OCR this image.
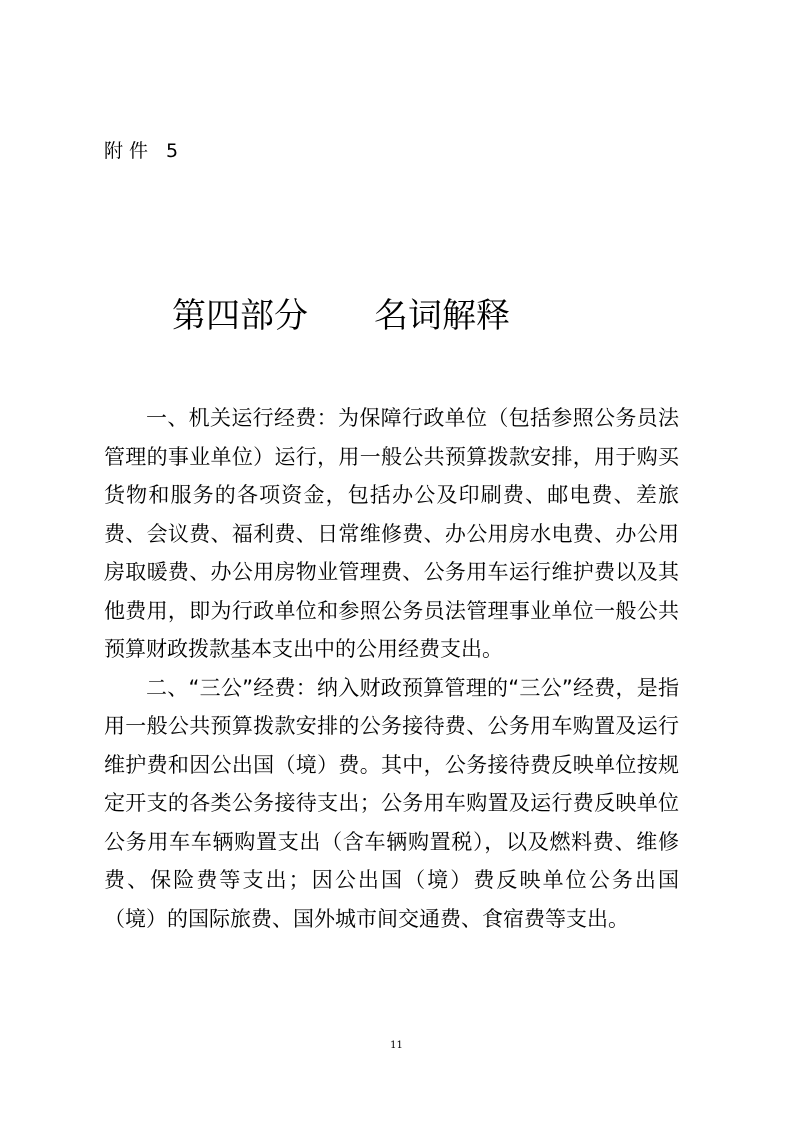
附件 5
第四部分 名词解释

一、机关运行经费：为保障行政单位（包括参照公务员法管理的事业单位）运行，用一般公共预算拨款安排，用于购买货物和服务的各项资金，包括办公及印刷费、邮电费、差旅费、会议费、福利费、日常维修费、办公用房水电费、办公用房取暖费、办公用房物业管理费、公务用车运行维护费以及其他费用，即为行政单位和参照公务员法管理事业单位一般公共预算财政拨款基本支出中的公用经费支出。

二、“三公”经费：纳入财政预算管理的“三公”经费，是指用一般公共预算拨款安排的公务接待费、公务用车购置及运行维护费和因公出国（境）费。其中，公务接待费反映单位按规定开支的各类公务接待支出；公务用车购置及运行费反映单位公务用车车辆购置支出（含车辆购置税），以及燃料费、维修费、保险费等支出；因公出国（境）费反映单位公务出国（境）的国际旅费、国外城市间交通费、食宿费等支出。

11
